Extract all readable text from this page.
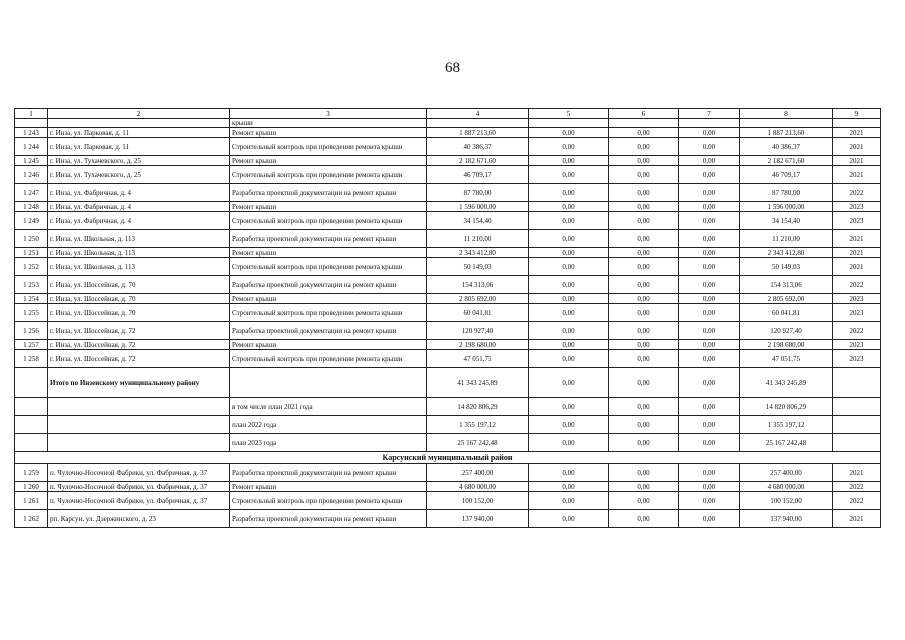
68
1	2	3	4	5	6	7	8	9
		крыши						
1 243	г. Инза, ул. Парковая, д. 11	Ремонт крыши	1 887 213,60	0,00	0,00	0,00	1 887 213,60	2021
1 244	г. Инза, ул. Парковая, д. 11	Строительный контроль при проведении ремонта крыши	40 386,37	0,00	0,00	0,00	40 386,37	2021
1 245	г. Инза, ул. Тухачевского, д. 25	Ремонт крыши	2 182 671,60	0,00	0,00	0,00	2 182 671,60	2021
1 246	г. Инза, ул. Тухачевского, д. 25	Строительный контроль при проведении ремонта крыши	46 709,17	0,00	0,00	0,00	46 709,17	2021
1 247	г. Инза, ул. Фабричная, д. 4	Разработка проектной документации на ремонт крыши	87 780,00	0,00	0,00	0,00	87 780,00	2022
1 248	г. Инза, ул. Фабричная, д. 4	Ремонт крыши	1 596 000,00	0,00	0,00	0,00	1 596 000,00	2023
1 249	г. Инза, ул. Фабричная, д. 4	Строительный контроль при проведении ремонта крыши	34 154,40	0,00	0,00	0,00	34 154,40	2023
1 250	г. Инза, ул. Школьная, д. 113	Разработка проектной документации на ремонт крыши	11 210,00	0,00	0,00	0,00	11 210,00	2021
1 251	г. Инза, ул. Школьная, д. 113	Ремонт крыши	2 343 412,80	0,00	0,00	0,00	2 343 412,80	2021
1 252	г. Инза, ул. Школьная, д. 113	Строительный контроль при проведении ремонта крыши	50 149,03	0,00	0,00	0,00	50 149,03	2021
1 253	г. Инза, ул. Шоссейная, д. 70	Разработка проектной документации на ремонт крыши	154 313,06	0,00	0,00	0,00	154 313,06	2022
1 254	г. Инза, ул. Шоссейная, д. 70	Ремонт крыши	2 805 692,00	0,00	0,00	0,00	2 805 692,00	2023
1 255	г. Инза, ул. Шоссейная, д. 70	Строительный контроль при проведении ремонта крыши	60 041,81	0,00	0,00	0,00	60 041,81	2023
1 256	г. Инза, ул. Шоссейная, д. 72	Разработка проектной документации на ремонт крыши	120 927,40	0,00	0,00	0,00	120 927,40	2022
1 257	г. Инза, ул. Шоссейная, д. 72	Ремонт крыши	2 198 680,00	0,00	0,00	0,00	2 198 680,00	2023
1 258	г. Инза, ул. Шоссейная, д. 72	Строительный контроль при проведении ремонта крыши	47 051,75	0,00	0,00	0,00	47 051,75	2023
	Итого по Инзенскому муниципальному району		41 343 245,89	0,00	0,00	0,00	41 343 245,89	
		в том числе план 2021 года	14 820 806,29	0,00	0,00	0,00	14 820 806,29	
		план 2022 года	1 355 197,12	0,00	0,00	0,00	1 355 197,12	
		план 2023 года	25 167 242,48	0,00	0,00	0,00	25 167 242,48	
Карсунский муниципальный район								
1 259	п. Чулочно-Носочной Фабрики, ул. Фабричная, д. 37	Разработка проектной документации на ремонт крыши	257 400,00	0,00	0,00	0,00	257 400,00	2021
1 260	п. Чулочно-Носочной Фабрики, ул. Фабричная, д. 37	Ремонт крыши	4 680 000,00	0,00	0,00	0,00	4 680 000,00	2022
1 261	п. Чулочно-Носочной Фабрики, ул. Фабричная, д. 37	Строительный контроль при проведении ремонта крыши	100 152,00	0,00	0,00	0,00	100 152,00	2022
1 262	рп. Карсун, ул. Дзержинского, д. 23	Разработка проектной документации на ремонт крыши	137 940,00	0,00	0,00	0,00	137 940,00	2021
